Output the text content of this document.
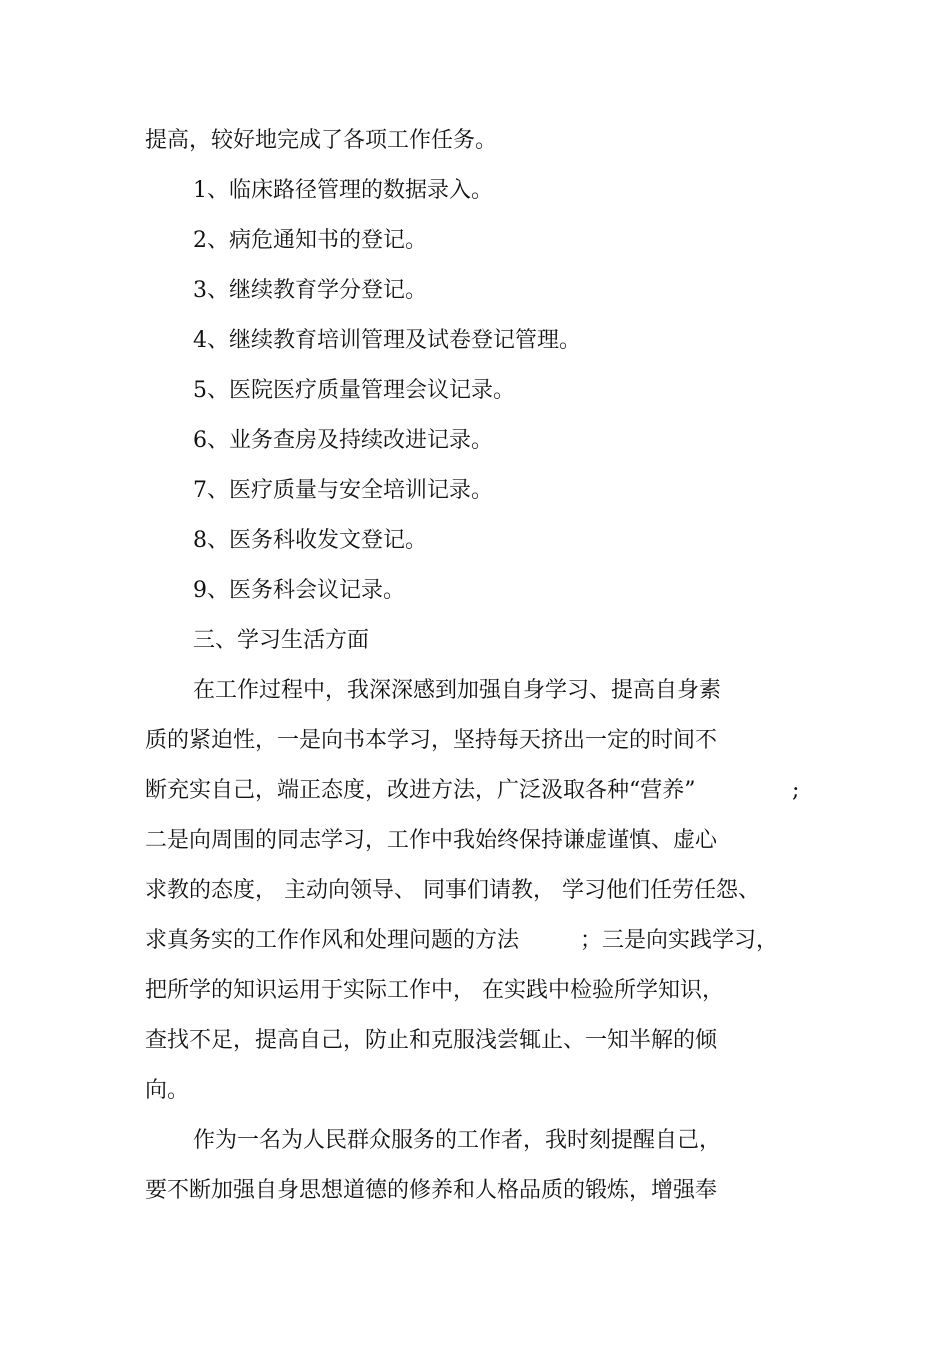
提高，较好地完成了各项工作任务。
1、临床路径管理的数据录入。
2、病危通知书的登记。
3、继续教育学分登记。
4、继续教育培训管理及试卷登记管理。
5、医院医疗质量管理会议记录。
6、业务查房及持续改进记录。
7、医疗质量与安全培训记录。
8、医务科收发文登记。
9、医务科会议记录。
三、学习生活方面
在工作过程中，我深深感到加强自身学习、提高自身素
质的紧迫性，一是向书本学习，坚持每天挤出一定的时间不
断充实自己，端正态度，改进方法，广泛汲取各种“营养”	;
二是向周围的同志学习，工作中我始终保持谦虚谨慎、虚心
求教的态度， 主动向领导、 同事们请教， 学习他们任劳任怨、
求真务实的工作作风和处理问题的方法	；三是向实践学习，
把所学的知识运用于实际工作中， 在实践中检验所学知识，
查找不足，提高自己，防止和克服浅尝辄止、一知半解的倾
向。
作为一名为人民群众服务的工作者，我时刻提醒自己，
要不断加强自身思想道德的修养和人格品质的锻炼，增强奉
